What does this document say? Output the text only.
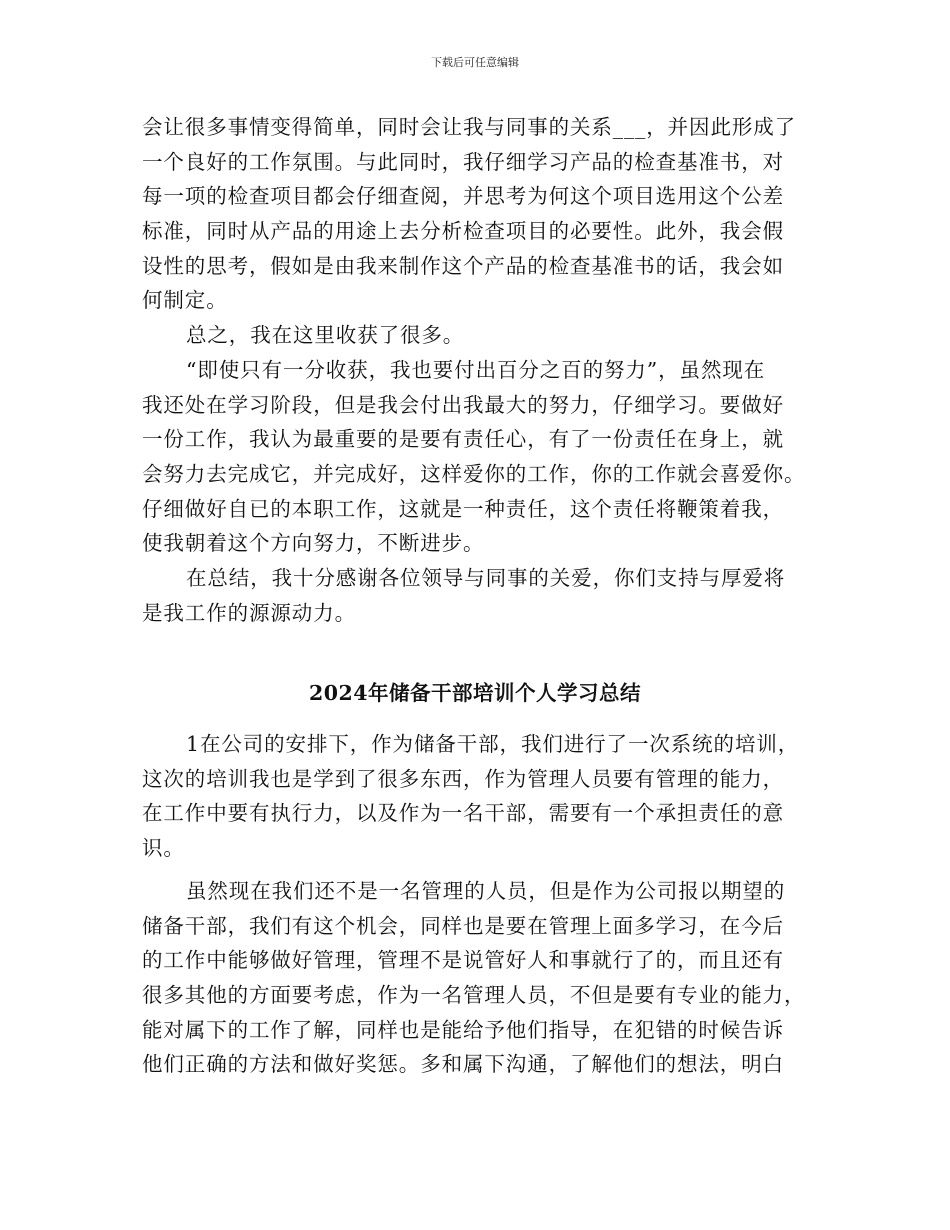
下载后可任意编辑
会让很多事情变得简单，同时会让我与同事的关系___，并因此形成了
一个良好的工作氛围。与此同时，我仔细学习产品的检查基准书，对
每一项的检查项目都会仔细查阅，并思考为何这个项目选用这个公差
标准，同时从产品的用途上去分析检查项目的必要性。此外，我会假
设性的思考，假如是由我来制作这个产品的检查基准书的话，我会如
何制定。
总之，我在这里收获了很多。
“即使只有一分收获，我也要付出百分之百的努力”，虽然现在
我还处在学习阶段，但是我会付出我最大的努力，仔细学习。要做好
一份工作，我认为最重要的是要有责任心，有了一份责任在身上，就
会努力去完成它，并完成好，这样爱你的工作，你的工作就会喜爱你。
仔细做好自已的本职工作，这就是一种责任，这个责任将鞭策着我，
使我朝着这个方向努力，不断进步。
在总结，我十分感谢各位领导与同事的关爱，你们支持与厚爱将
是我工作的源源动力。
2024年储备干部培训个人学习总结
1在公司的安排下，作为储备干部，我们进行了一次系统的培训，
这次的培训我也是学到了很多东西，作为管理人员要有管理的能力，
在工作中要有执行力，以及作为一名干部，需要有一个承担责任的意
识。
虽然现在我们还不是一名管理的人员，但是作为公司报以期望的
储备干部，我们有这个机会，同样也是要在管理上面多学习，在今后
的工作中能够做好管理，管理不是说管好人和事就行了的，而且还有
很多其他的方面要考虑，作为一名管理人员，不但是要有专业的能力，
能对属下的工作了解，同样也是能给予他们指导，在犯错的时候告诉
他们正确的方法和做好奖惩。多和属下沟通，了解他们的想法，明白
